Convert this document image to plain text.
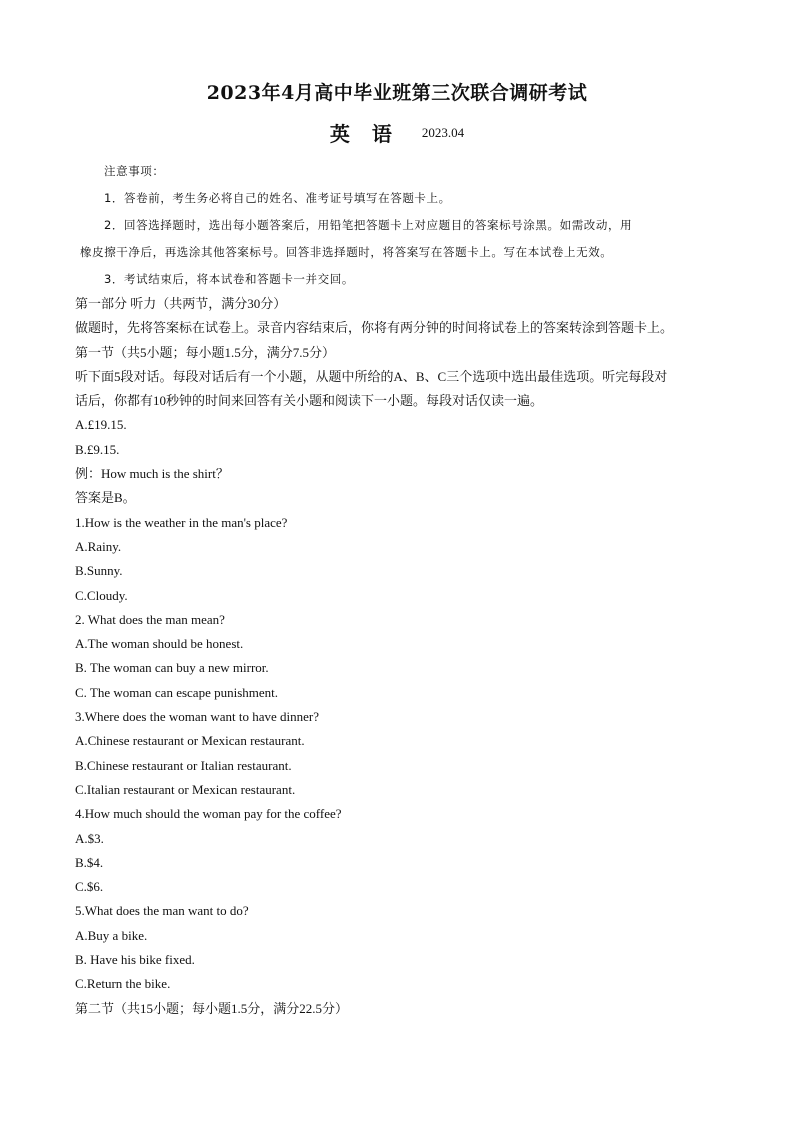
2023年4月高中毕业班第三次联合调研考试
英语 2023.04

注意事项：

1．答卷前，考生务必将自己的姓名、准考证号填写在答题卡上。

2．回答选择题时，选出每小题答案后，用铅笔把答题卡上对应题目的答案标号涂黑。如需改动，用

橡皮擦干净后，再选涂其他答案标号。回答非选择题时，将答案写在答题卡上。写在本试卷上无效。

3．考试结束后，将本试卷和答题卡一并交回。

第一部分 听力（共两节，满分30分）

做题时，先将答案标在试卷上。录音内容结束后，你将有两分钟的时间将试卷上的答案转涂到答题卡上。

第一节（共5小题；每小题1.5分，满分7.5分）

听下面5段对话。每段对话后有一个小题，从题中所给的A、B、C三个选项中选出最佳选项。听完每段对

话后，你都有10秒钟的时间来回答有关小题和阅读下一小题。每段对话仅读一遍。

A.£19.15.

B.£9.15.

例：How much is the shirt？

答案是B。

1.How is the weather in the man's place?

A.Rainy.

B.Sunny.

C.Cloudy.

2. What does the man mean?

A.The woman should be honest.

B. The woman can buy a new mirror.

C. The woman can escape punishment.

3.Where does the woman want to have dinner?

A.Chinese restaurant or Mexican restaurant.

B.Chinese restaurant or Italian restaurant.

C.Italian restaurant or Mexican restaurant.

4.How much should the woman pay for the coffee?

A.$3.

B.$4.

C.$6.

5.What does the man want to do?

A.Buy a bike.

B. Have his bike fixed.

C.Return the bike.

第二节（共15小题；每小题1.5分，满分22.5分）
